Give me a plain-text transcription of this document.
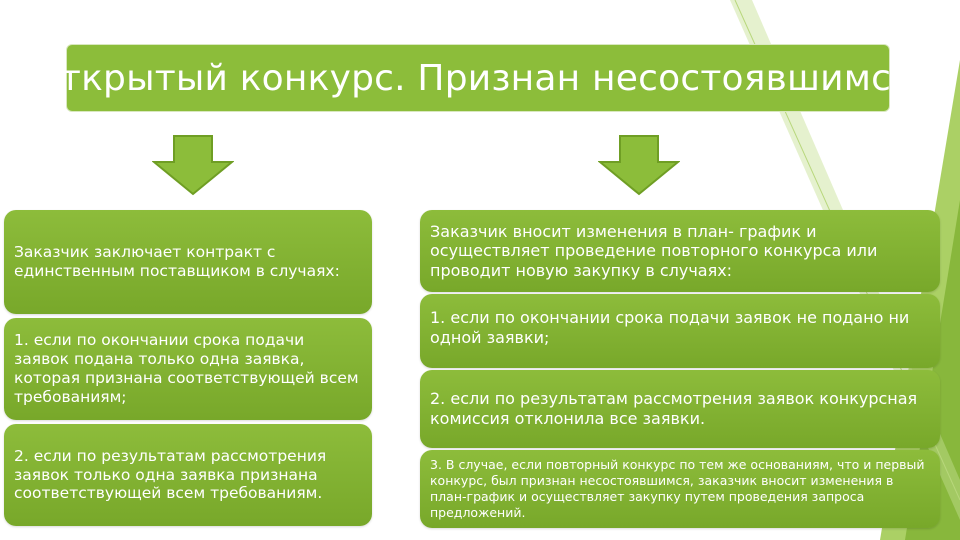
Открытый конкурс. Признан несостоявшимся.
Заказчик заключает контракт с единственным поставщиком в случаях:
1. если по окончании срока подачи заявок подана только одна заявка, которая признана соответствующей всем требованиям;
2. если по результатам рассмотрения заявок только одна заявка признана соответствующей всем требованиям.
Заказчик вносит изменения в план- график и осуществляет проведение повторного конкурса или проводит новую закупку в случаях:
1. если по окончании срока подачи заявок не подано ни одной заявки;
2. если по результатам рассмотрения заявок конкурсная комиссия отклонила все заявки.
3. В случае, если повторный конкурс по тем же основаниям, что и первый конкурс, был признан несостоявшимся, заказчик вносит изменения в план-график и осуществляет закупку путем проведения запроса предложений.
